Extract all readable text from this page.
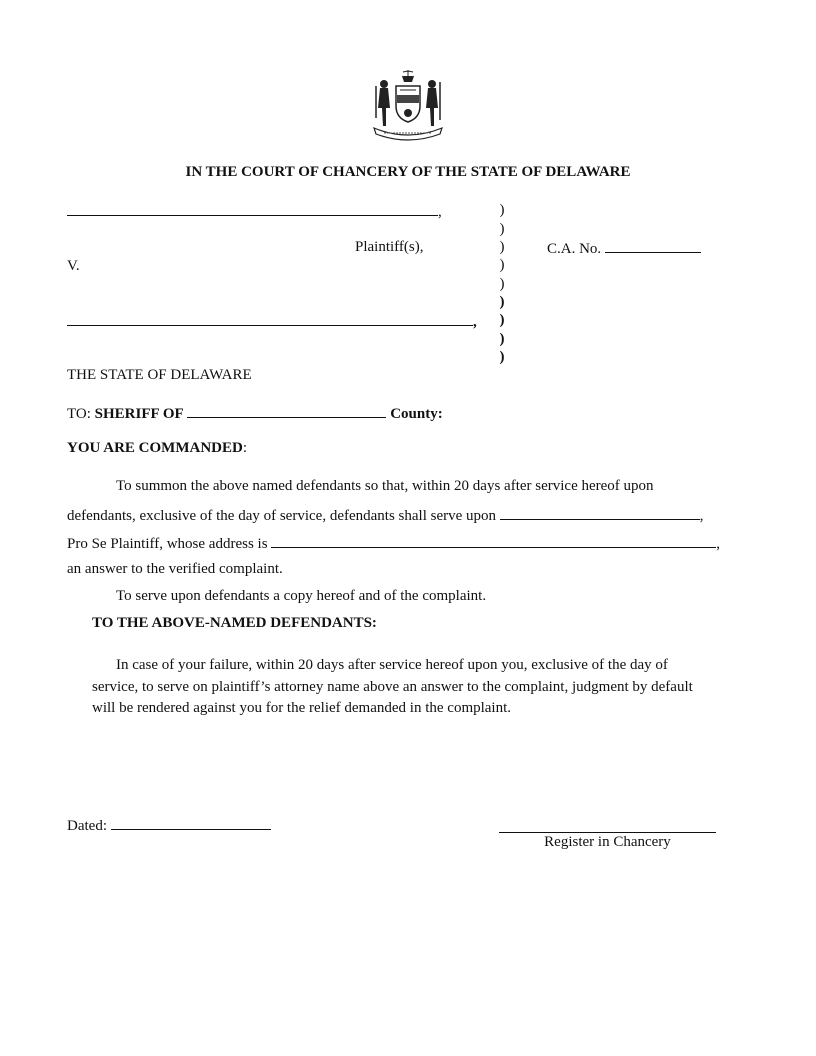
IN THE COURT OF CHANCERY OF THE STATE OF DELAWARE
,
Plaintiff(s),
V.
,
)
)
)
)
)
)
)
)
)
C.A. No.
THE STATE OF DELAWARE
TO: SHERIFF OF	County:
YOU ARE COMMANDED:
To summon the above named defendants so that, within 20 days after service hereof upon
defendants, exclusive of the day of service, defendants shall serve upon	,
Pro Se Plaintiff, whose address is	,
an answer to the verified complaint.
To serve upon defendants a copy hereof and of the complaint.
TO THE ABOVE-NAMED DEFENDANTS:
In case of your failure, within 20 days after service hereof upon you, exclusive of the day of
service, to serve on plaintiff’s attorney name above an answer to the complaint, judgment by default
will be rendered against you for the relief demanded in the complaint.
Dated:
Register in Chancery
